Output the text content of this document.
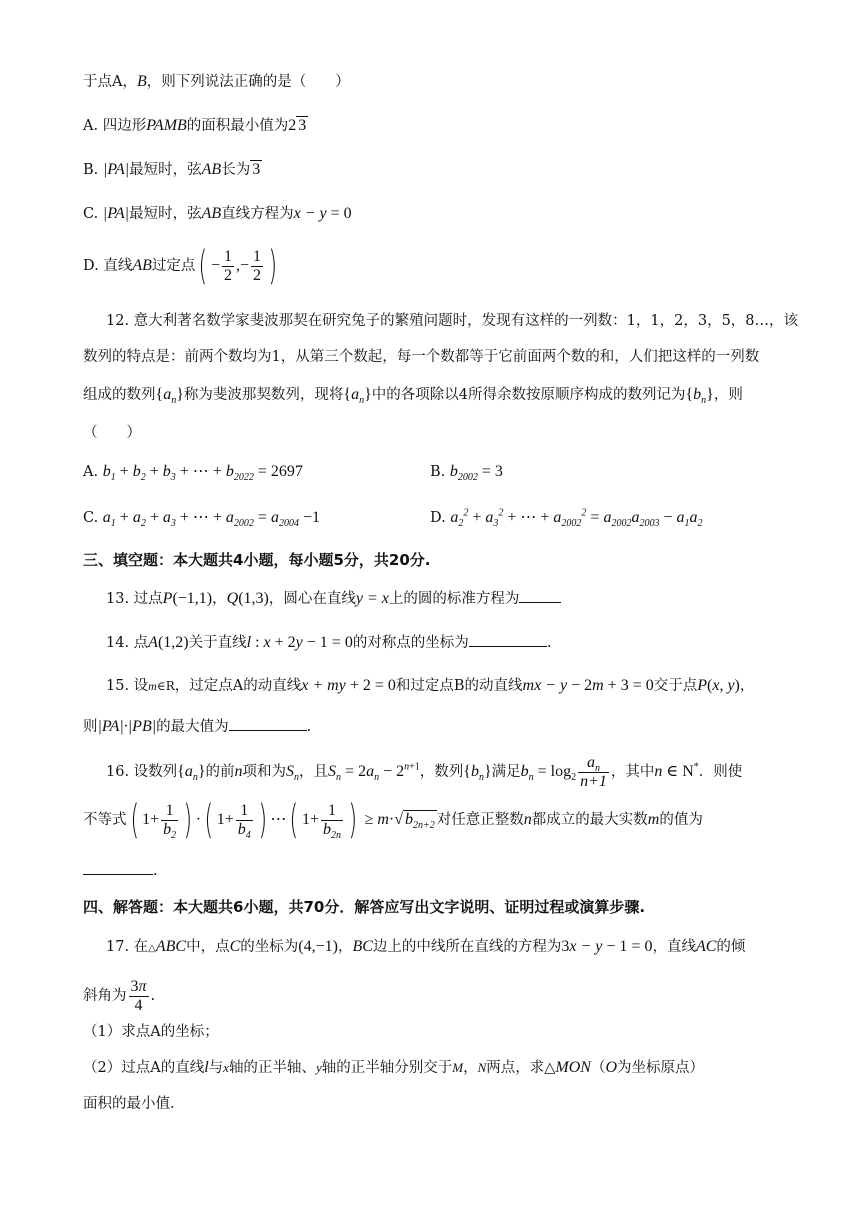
于点A，B，则下列说法正确的是（　　）
A. 四边形PAMB的面积最小值为2 3
B. |PA|最短时，弦AB长为 3
C. |PA|最短时，弦AB直线方程为x − y = 0
D. 直线AB过定点( − $\frac{1}{2}$ ,− $\frac{1}{2}$ )
12. 意大利著名数学家斐波那契在研究兔子的繁殖问题时，发现有这样的一列数：1，1，2，3，5，8…，该
数列的特点是：前两个数均为1，从第三个数起，每一个数都等于它前面两个数的和，人们把这样的一列数
组成的数列$\{a_n\}$称为斐波那契数列，现将$\{a_n\}$中的各项除以4所得余数按原顺序构成的数列记为$\{b_n\}$，则
（　　）
A. $b_1 + b_2 + b_3$ + ⋯ + $b_{2022} = 2697$	B. $b_{2002} = 3$
C. $a_1 + a_2 + a_3$ + ⋯ + $a_{2002} = a_{2004} -1$	D. $a_2^2 + a_3^2$ + ⋯ + $a_{2002}^2 = a_{2002}a_{2003} - a_1a_2$
三、填空题：本大题共4小题，每小题5分，共20分.
13. 过点P(−1,1)，Q(1,3)，圆心在直线y = x上的圆的标准方程为
14. 点A(1,2)关于直线l : x + 2y − 1 = 0的对称点的坐标为	.
15. 设m∈R，过定点A的动直线x + my + 2 = 0和过定点B的动直线mx − y − 2m + 3 = 0交于点P(x, y)，
则|PA|·|PB|的最大值为	.
16. 设数列$\{a_n\}$的前n项和为$S_n$，且$S_n = 2a_n - 2^{n+1}$，数列$\{b_n\}$满足$b_n = \log_2 \frac{a_n}{n+1}$ ，其中n ∈ N*．则使
不等式( $1+ \frac{1}{b_2}$ ) ·( $1+ \frac{1}{b_4}$ ) ⋯( $1+ \frac{1}{b_{2n}}$ ) ≥ m·√ $b_{2n+2}$ 对任意正整数n都成立的最大实数m的值为
.
四、解答题：本大题共6小题，共70分．解答应写出文字说明、证明过程或演算步骤.
17. 在△ABC中，点C的坐标为(4,−1)，BC边上的中线所在直线的方程为3x − y − 1 = 0，直线AC的倾
斜角为 $\frac{3\pi}{4}$ .
（1）求点A的坐标；
（2）过点A的直线l与x轴的正半轴、y轴的正半轴分别交于M，N两点，求△MON（O为坐标原点）
面积的最小值.
